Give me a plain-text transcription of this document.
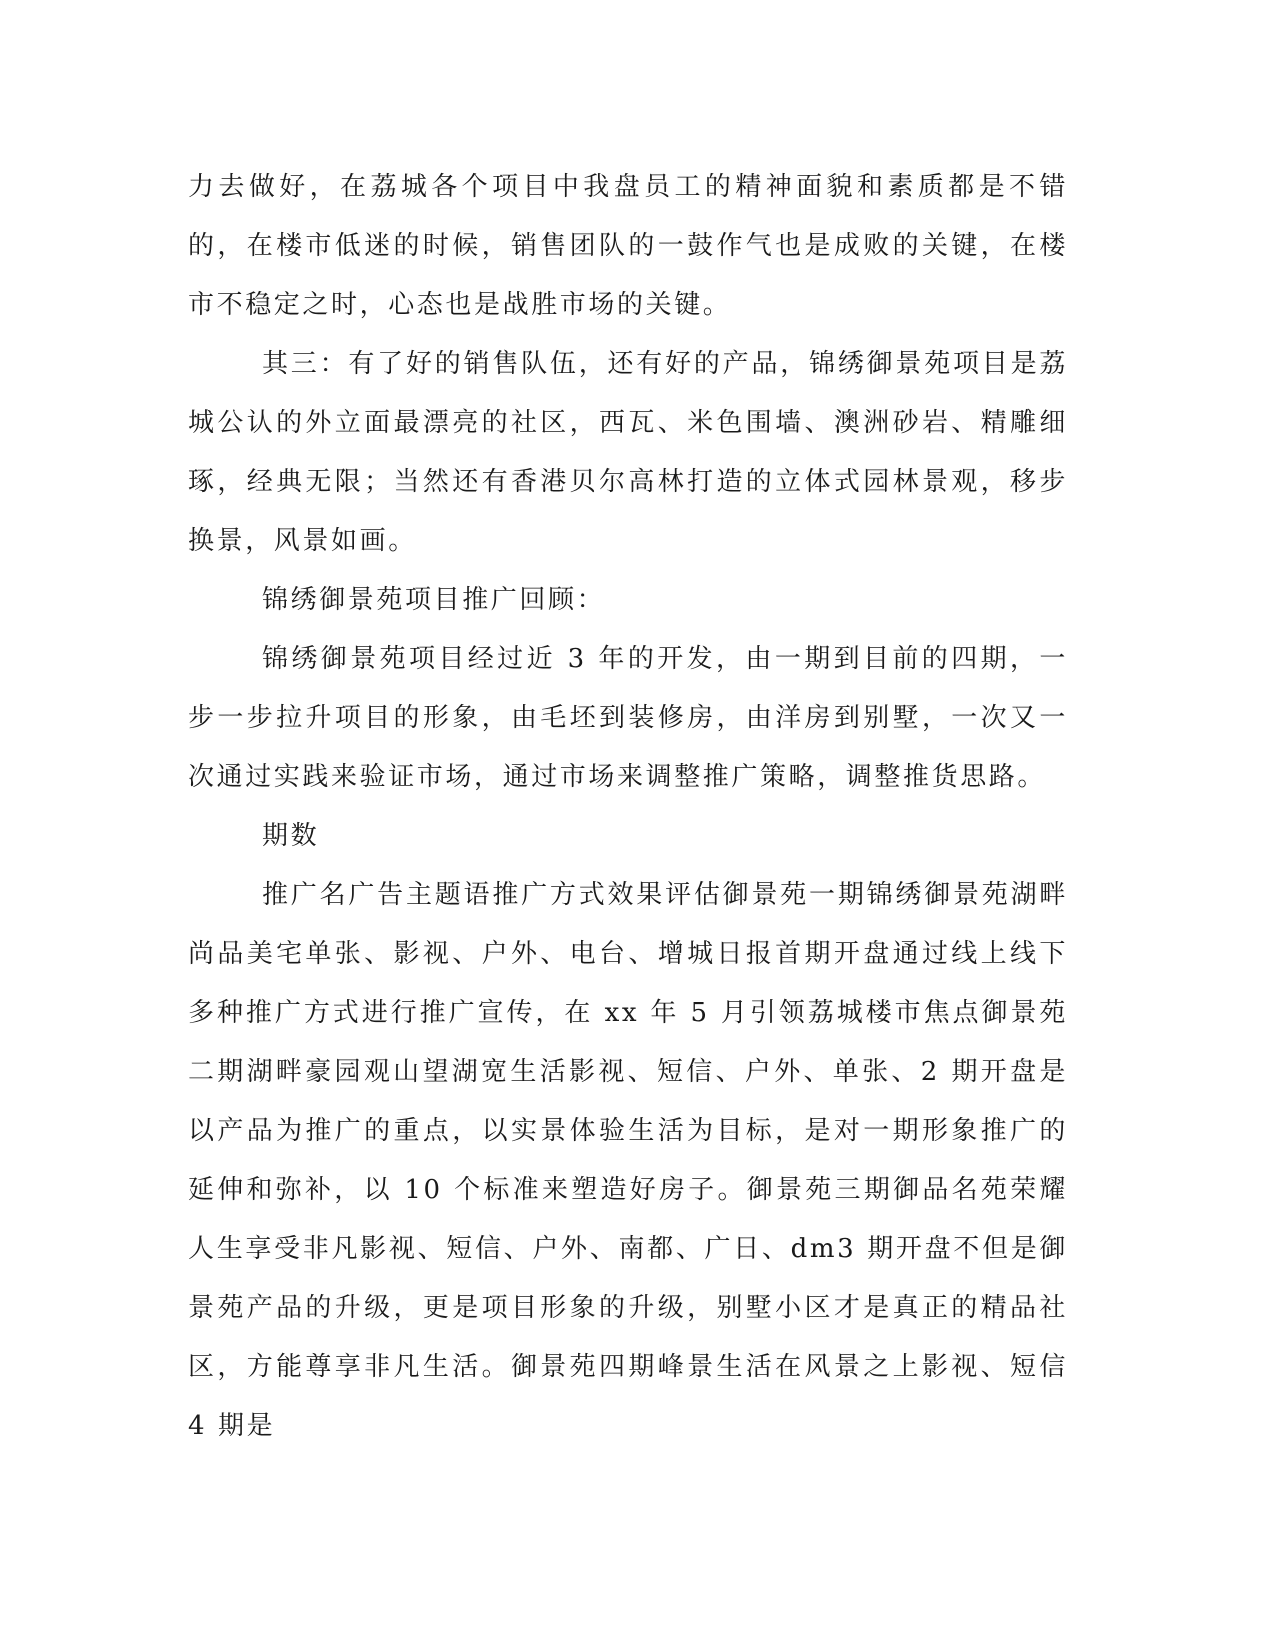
力去做好，在荔城各个项目中我盘员工的精神面貌和素质都是不错的，在楼市低迷的时候，销售团队的一鼓作气也是成败的关键，在楼市不稳定之时，心态也是战胜市场的关键。

其三：有了好的销售队伍，还有好的产品，锦绣御景苑项目是荔城公认的外立面最漂亮的社区，西瓦、米色围墙、澳洲砂岩、精雕细琢，经典无限；当然还有香港贝尔高林打造的立体式园林景观，移步换景，风景如画。

锦绣御景苑项目推广回顾：

锦绣御景苑项目经过近 3 年的开发，由一期到目前的四期，一步一步拉升项目的形象，由毛坯到装修房，由洋房到别墅，一次又一次通过实践来验证市场，通过市场来调整推广策略，调整推货思路。

期数

推广名广告主题语推广方式效果评估御景苑一期锦绣御景苑湖畔尚品美宅单张、影视、户外、电台、增城日报首期开盘通过线上线下多种推广方式进行推广宣传，在 xx 年 5 月引领荔城楼市焦点御景苑二期湖畔豪园观山望湖宽生活影视、短信、户外、单张、2 期开盘是以产品为推广的重点，以实景体验生活为目标，是对一期形象推广的延伸和弥补，以 10 个标准来塑造好房子。御景苑三期御品名苑荣耀人生享受非凡影视、短信、户外、南都、广日、dm3 期开盘不但是御景苑产品的升级，更是项目形象的升级，别墅小区才是真正的精品社区，方能尊享非凡生活。御景苑四期峰景生活在风景之上影视、短信 4 期是
